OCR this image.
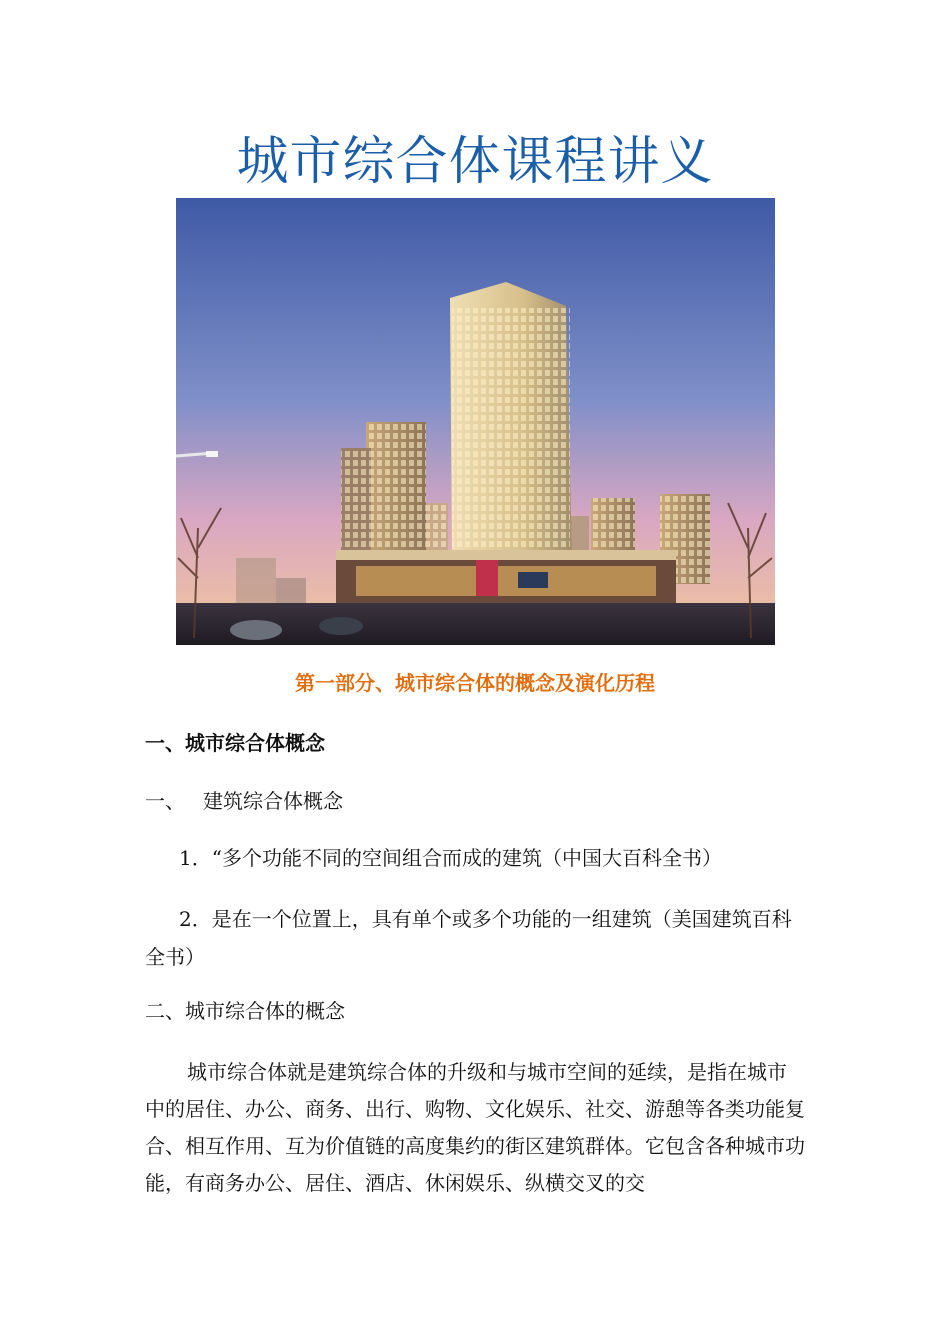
城市综合体课程讲义
第一部分、城市综合体的概念及演化历程
一、城市综合体概念

一、 建筑综合体概念

1．“多个功能不同的空间组合而成的建筑（中国大百科全书）

2．是在一个位置上，具有单个或多个功能的一组建筑（美国建筑百科全书）

二、城市综合体的概念

城市综合体就是建筑综合体的升级和与城市空间的延续，是指在城市中的居住、办公、商务、出行、购物、文化娱乐、社交、游憩等各类功能复合、相互作用、互为价值链的高度集约的街区建筑群体。它包含各种城市功能，有商务办公、居住、酒店、休闲娱乐、纵横交叉的交
